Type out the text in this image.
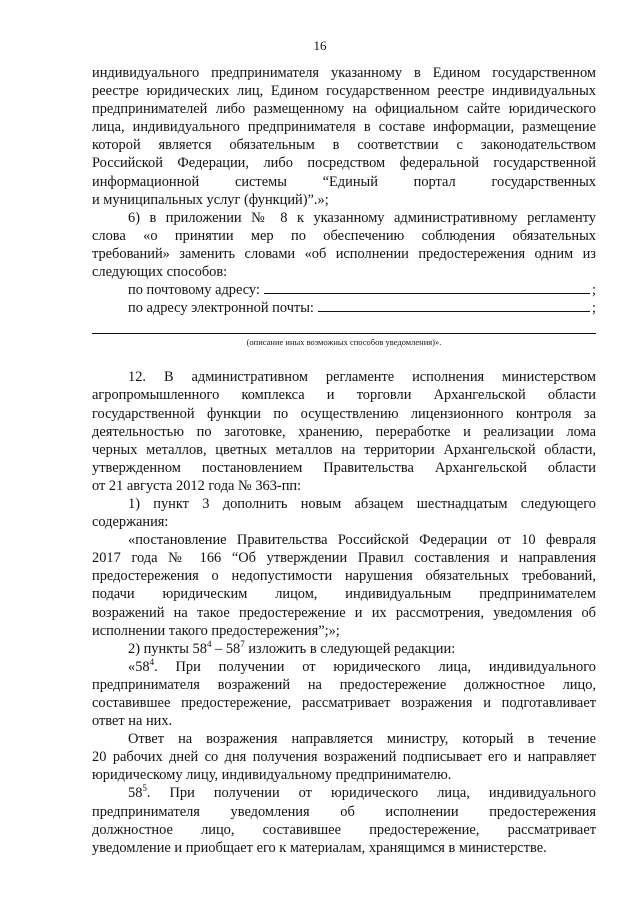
16
индивидуального предпринимателя указанному в Едином государственном
реестре юридических лиц, Едином государственном реестре индивидуальных
предпринимателей либо размещенному на официальном сайте юридического
лица, индивидуального предпринимателя в составе информации, размещение
которой является обязательным в соответствии с законодательством
Российской Федерации, либо посредством федеральной государственной
информационной системы “Единый портал государственных
и муниципальных услуг (функций)”.»;
6) в приложении № 8 к указанному административному регламенту
слова «о принятии мер по обеспечению соблюдения обязательных
требований» заменить словами «об исполнении предостережения одним из
следующих способов:
по почтовому адресу:	;
по адресу электронной почты:	;
(описание иных возможных способов уведомления)».
12. В административном регламенте исполнения министерством
агропромышленного комплекса и торговли Архангельской области
государственной функции по осуществлению лицензионного контроля за
деятельностью по заготовке, хранению, переработке и реализации лома
черных металлов, цветных металлов на территории Архангельской области,
утвержденном постановлением Правительства Архангельской области
от 21 августа 2012 года № 363-пп:
1) пункт 3 дополнить новым абзацем шестнадцатым следующего
содержания:
«постановление Правительства Российской Федерации от 10 февраля
2017 года № 166 “Об утверждении Правил составления и направления
предостережения о недопустимости нарушения обязательных требований,
подачи юридическим лицом, индивидуальным предпринимателем
возражений на такое предостережение и их рассмотрения, уведомления об
исполнении такого предостережения”;»;
2) пункты $58^4 - 58^7$ изложить в следующей редакции:
«$58^4$. При получении от юридического лица, индивидуального
предпринимателя возражений на предостережение должностное лицо,
составившее предостережение, рассматривает возражения и подготавливает
ответ на них.
Ответ на возражения направляется министру, который в течение
20 рабочих дней со дня получения возражений подписывает его и направляет
юридическому лицу, индивидуальному предпринимателю.
$58^5$. При получении от юридического лица, индивидуального
предпринимателя уведомления об исполнении предостережения
должностное лицо, составившее предостережение, рассматривает
уведомление и приобщает его к материалам, хранящимся в министерстве.
